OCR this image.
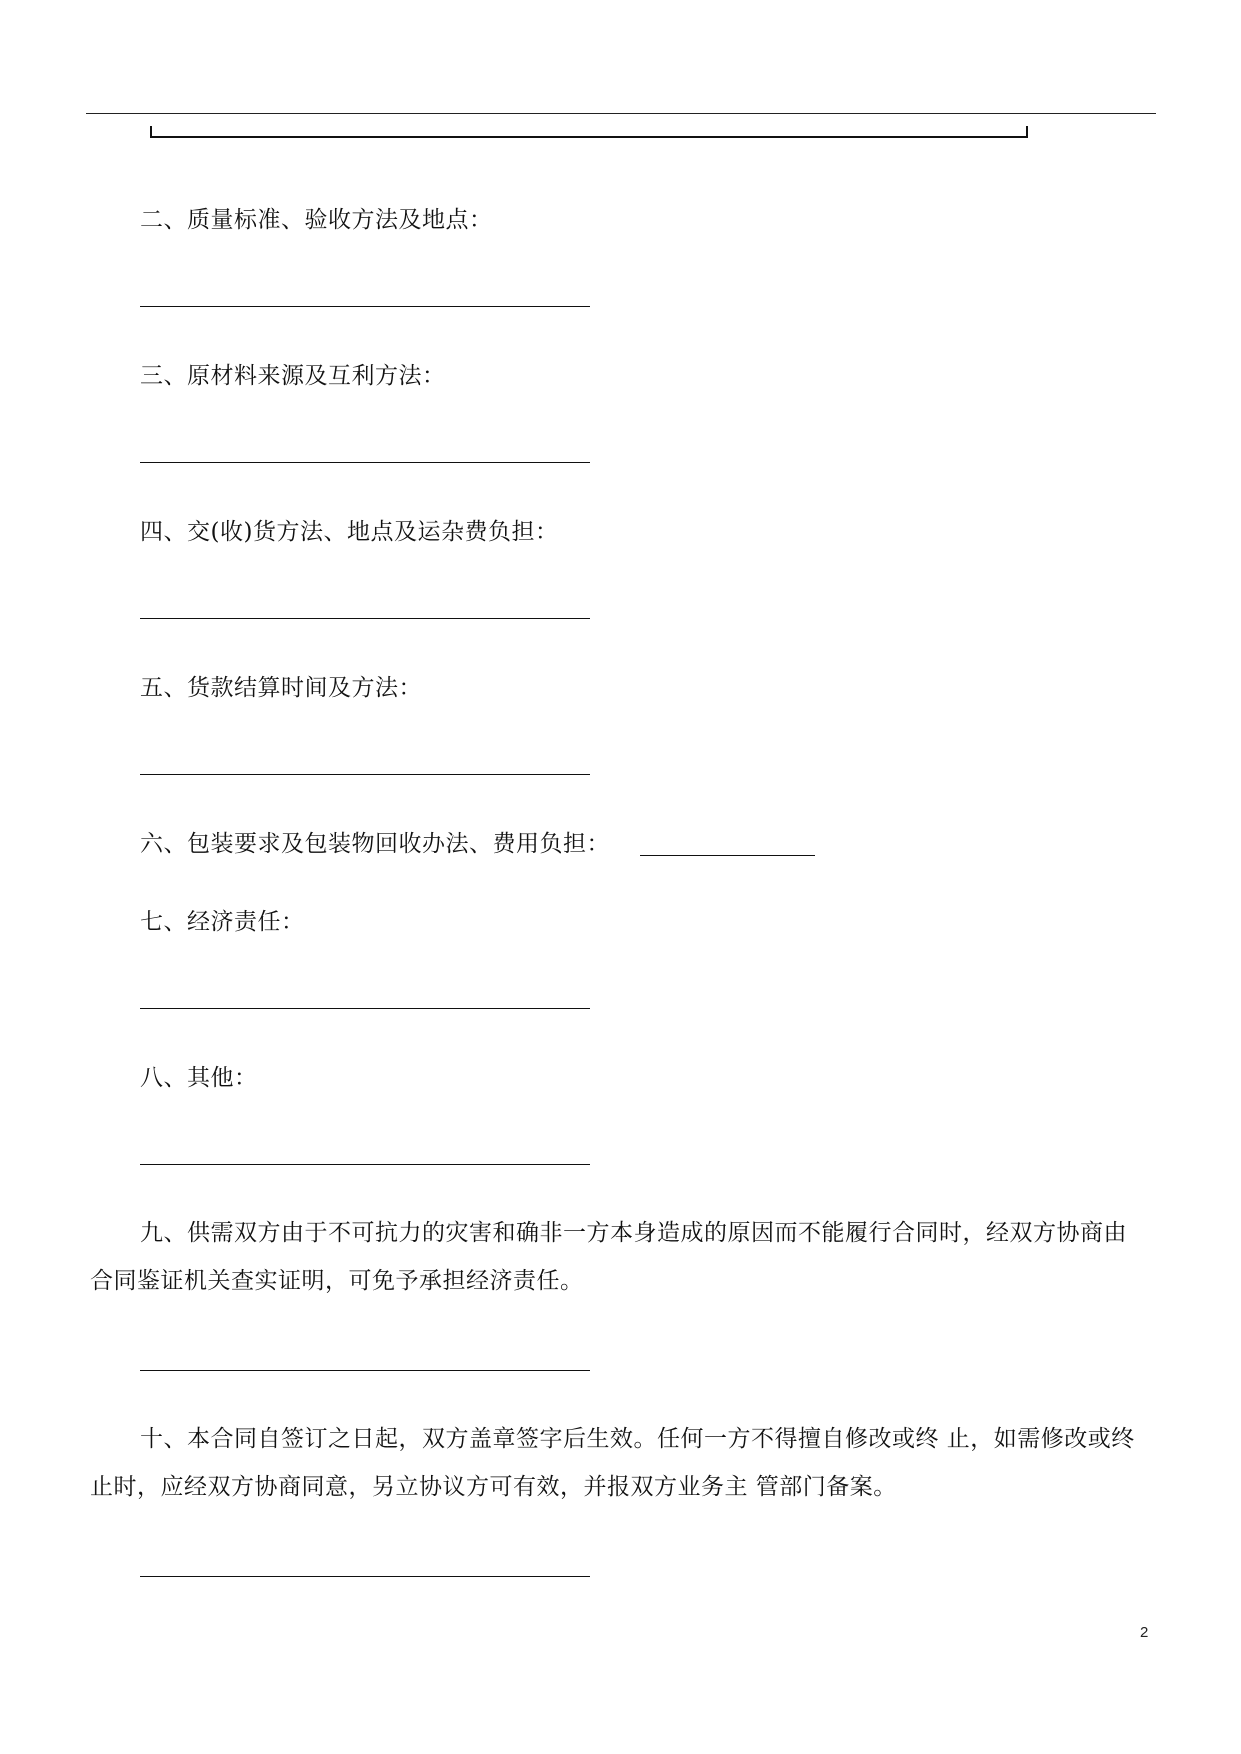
二、质量标准、验收方法及地点：
三、原材料来源及互利方法：
四、交(收)货方法、地点及运杂费负担：
五、货款结算时间及方法：
六、包装要求及包装物回收办法、费用负担：
七、经济责任：
八、其他：
九、供需双方由于不可抗力的灾害和确非一方本身造成的原因而不能履行合同时，经双方协商由合同鉴证机关查实证明，可免予承担经济责任。
十、本合同自签订之日起，双方盖章签字后生效。任何一方不得擅自修改或终 止，如需修改或终止时，应经双方协商同意，另立协议方可有效，并报双方业务主 管部门备案。
2
